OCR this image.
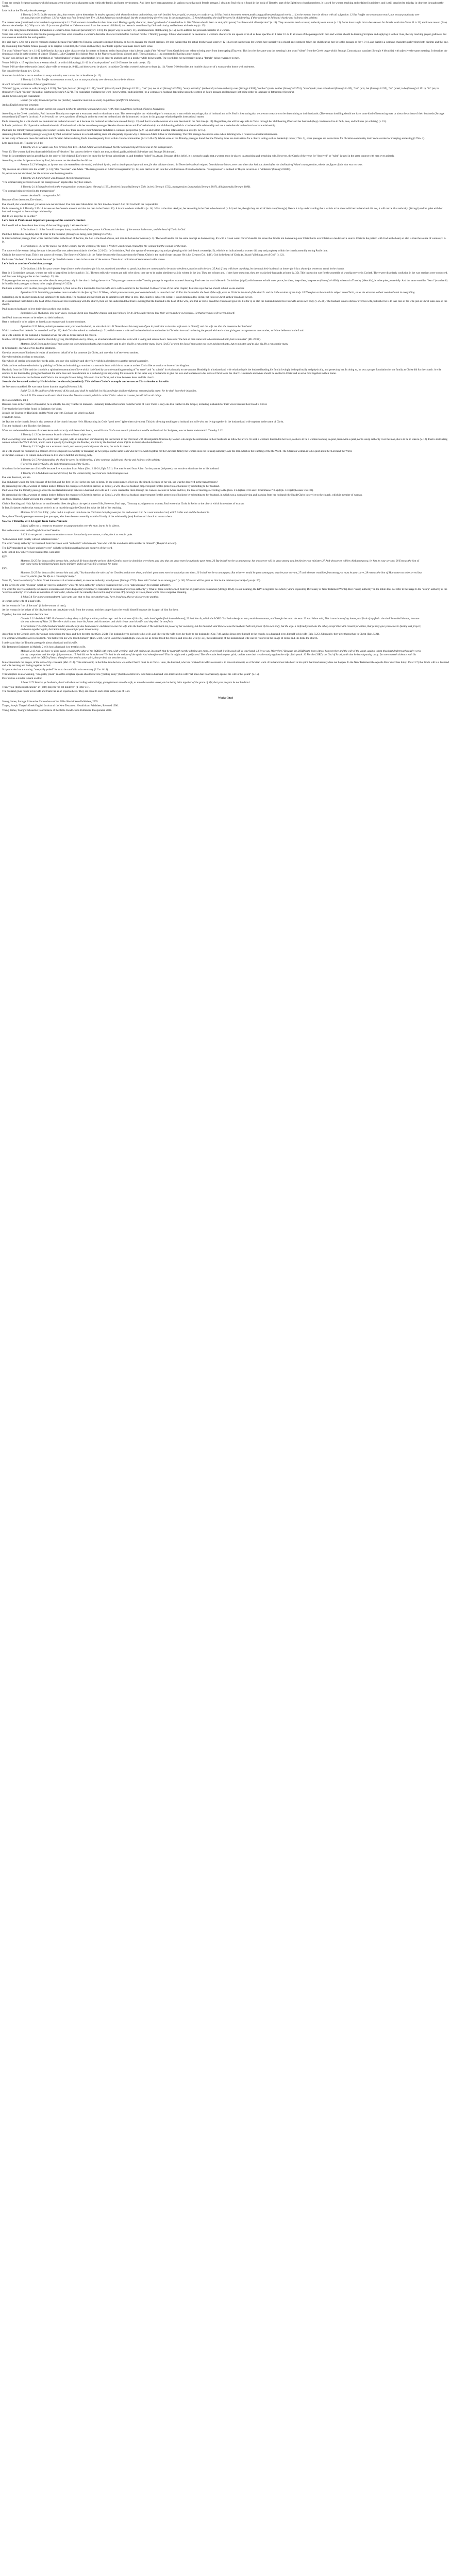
There are certain Scripture passages which humans seem to have great character traits within the family and home environment. And there have been arguments in various ways that each female passage. I obtain to Paul which is found in the book of Timothy, part of the Epistles to church members. It is used for women teaching and ordained in ministry, and is still preached to this day in churches throughout the world.

Let's look at the Timothy female passage

1 Timothy 2:9-15: In like manner also, that women adorn themselves in modest apparel, with shamefacedness and sobriety; not with broided hair, or gold, or pearls, or costly array; 10 But (which becometh women professing godliness) with good works. 11 Let the woman learn in silence with all subjection. 12 But I suffer not a woman to teach, nor to usurp authority over the man, but to be in silence. 13 For Adam was first formed, then Eve. 14 And Adam was not deceived, but the woman being deceived was in the transgression. 15 Notwithstanding she shall be saved in childbearing, if they continue in faith and charity and holiness with sobriety.

The reason verse (mentioned to be humble in appearance) is 11. Their concern should be for their inner soul. Having a godly character, these "good works" should follow it. 10b: Woman should learn or study (Scripture) "in silence with all subjection" (v. 11). They are not to teach or usurp authority over a man (v. 12). Some have taught this to be a reason for female restriction.Verse 11 is 13) and it was reason (Eve) she was deceived (v. 14). Why so is this 15 (a woman glorified as if she was saved from the curse of childbirth) the reason is considered by faith and charity and holiness with sobriety (v. 15).

That is the thing future translation. It mentions a woman's dress code and personality (v. 9-10), the proper way to learn (v. 11), and it mentions childbearing (v. 15), not to address the personal character of a woman.

Verse here with fore found in this Pauline passage describes what should be a woman's desirable character traits before God and for the 1 Timothy passage. I think what needs to be deemed as a woman's character is not spoken of at all as Peter specifies in 1 Peter 3:1-6. In all cases of the passages both men and women should be learning Scripture and applying it to their lives, thereby reaching proper godliness, but can a woman teach it is the real question.

It is said that v. 12 is not a proven reason to channel because Paul's letter to Timothy is meant to instruct Timothy on how to manage the church services. Yet it is evident that the actual brothers and sisters v. 12-13 are not instructions for women here specially in a church environment. When the childbearing here is to this passage as for v. 9-11, and that it is a woman's character quality from both his time and this one.

By examining this Pauline female passage in its original Greek text, the verses and how they coordinate together can make much more sense.

The word "silence" used in v. 11-12 is defined as having a quiet character that is content to listen to and to learn about what is being taught ("the "silence" from Greek lexicons refers to being quiet from interrupting (Thayer)). This is to be the same way the meaning is the word "silent" from the Greek usage which Strong's Concordance translate (Strong's # hēsuchia) with adjective the same meaning. It describes the deacons as what is in the context of silence (Thayer). Luke Chapters 14:4 (about Jesus to the Pharisees and Jesus' silence) and 1 Thessalonians 4:11 (a command of having a quiet word).

"Silent" was defined as (v. 11) the translation of "subordination" or show subordination (s.v.) in order to another such as a teacher while being taught. The word does not necessarily mean a "female" being reverence to men.

Verses 9-10 (in v. 15 explains how a woman should be with childbearing), 11-12 in a "male position" and 13-15 states the main one (v. 15).

Verses 9-10 are directed towards (ossos) place wife or woman (v. 9-11), and those are to be placed in subsists Christian women's who are to learn (v. 11). Verses 9-10 describes the humble character of a woman who learns with quietness.

Not consider the things in v. 12-14.

A woman is told she is not to teach or to usurp authority over a man, but to be silence (v. 12).

1 Timothy 2:12 But I suffer not a woman to teach, nor to usurp authority over the man, but to be in silence.

A word for word translation of the original Greek:

"Woman" (gyne, woman or wife (Strong's # 1135), "but" (de; but and (Strong's # 1161), "teach" (didaskō; teach (Strong's # 1321), "not" (ou; not at all (Strong's # 3756), "usurp authority" (authenteō; to have authority over (Strong's # 831), "neither" (oude; neither (Strong's # 3761), "man" (anēr; man or husband (Strong's # 435), "but" (alla; but (Strong's # 235), "be" (einai; to be (Strong's # 1511), "in" (en; in (Strong's # 1722), "silence" (hēsuchia; quietness (Strong's # 2271). The translation translates the word (gyne/woman) and (anēr/man) as a woman or a husband depending upon the context of Paul's passage and language (not being either or language of father/son) (Strong's).

And in Greek a English translation:

woman (or wife) teach and permit not (neither) determine man but (to exist) in quietness (indifferent behaviors)

And as English sentence structure:

But (or and) a woman permit not to teach neither to determine a man but to exist (with) him in quietness (without offensive behaviors).

According to the Greek translation, Paul instructs Timothy not to permit a woman to teach or dominate a man. This verse explains the relationship of a woman and a man within a marriage; that of husband and wife. Paul is instructing that we are not to teach or to be determining to their husbands. (The woman instilling should not have some kind of instructing over or about the actions of their husbands (Strong's concordance)) (Thayer's Lexicon). A wife would not have a position of being in authority over her husband and she is instructed to show in this passage relationship this instructional matter.

Paul's reasoning for a wife should not dominate her husband are such as it because the husband as father was created first (v. 13) and that it was the woman who was deceived in the first time (v. 14). Regardless, she will be kept safe in Christ through her childbearing if her and her husband (they) continue to live in faith, love, and holiness (or sobriety) (v. 15).

In Paul's position v. 12-15 pertains to the relationship of husband and wife because these passages likewise discuss Adam and Eve's relationship and childbearing which is a husband-wife relationship and not a male-female in the church service relationship.

Paul uses the Timothy female passages for women to show how there is a love their Christian faith from a woman's perspective (v. 9-15) and within a marital relationship as a wife (v. 12-15).

Assuming that this Timothy passage was given by Paul to instruct women in a church setting does not adequately explain why it discusses Adam & Eve or childbearing. The film passage does make sense when listening how it relates in a marital relationship.

A case study of how one does discussion is that Christian believes during Paul's time frequently lived within church communities (Acts 2:46-47). Whilst some of the Timothy passages found that the Timothy letter are instructions for a church setting such as leadership roles (1 Tim. 3), other passages are instructions for Christian community itself such as rules for marrying and eating (1 Tim. 4).

Let's again look at 1 Timothy 2:13-14:

1 Timothy 2:13 For Adam was first formed, then Eve. 14 And Adam was not deceived, but the woman being deceived was in the transgression.

Verse 13: The woman had less doctrinal definition of "deceive," for cause to believe what is not true, mislead, guide, mislead (Schweizer and Strong's Dictionary).

Verse 14 is sometimes used as proof that in the order of life Adam & Eve's story be cause for her being subordinate to, and therefore "ruled" by, Adam. Because of this belief, it is wrongly taught that a woman must be placed in a teaching and preaching role. However, the Greek of the verse for "deceived" or "ruled" is used in the same context with man over animals.

According to other Scripture written by Paul, Adam was not deceived but he did sin.

Romans 5:12 Wherefore, as by one man sin entered into the world, and death by sin; and so death passed upon all men, for that all have sinned: 14 Nevertheless death reigned from Adam to Moses, even over them that had not sinned after the similitude of Adam's transgression, who is the figure of him that was to come.

"By one man sin entered into the world" (v. 12); "this "one man" was Adam. "The transgression of Adam's transgression" (v. 14) was that he let sin into the world because of his disobedience. "transgression" is defined in Thayer Lexicon as a "violation" (Strong's #3847).

So, Adam was not deceived, but the woman was the transgression.

1 Timothy 2:14 and when it was deceived, then the transgression.

"The woman being deceived was in the transgression" implies that only Eve sinned.

1 Timothy 2:14 Being deceived in the transgression: woman (gyne) (Strong's 1135), deceived (apataō) (Strong's 538), in (en) (Strong's 1722), transgression (parabasis) (Strong's 3847), did (ginomai) (Strong's 1096).

"The woman being deceived in the transgression"

woman deceived in transgression fell

Because of her deception, Eve sinned.

Eve should, she was deceived, yet Adam was not deceived. Eve then sent Adam from the first time he chosen? And did God hold her responsible?

Paul's reasoning in 1 Timothy 2:13-14 focuses on the Genesis account and that the man is the first (v. 13). It is not to whom at the first (v. 14). What is the time. And yet, her reasoning is the first to be deceived (v. 14) and her, though they are all of their sins (Strong's). Hence it is by understanding that a wife is to be silent with her husband and did not, it will not be 'that authority' (Strong's) and be quiet with her husband in regard to the marriage relationship.

But do we keep this as in order?

Let's look at Paul's most important passage of the woman's conduct.

Paul would tell us here about how many of the teachings apply. Let's see the text:

1 Corinthians 11:3 But I would have you know, that the head of every man is Christ; and the head of the woman is the man; and the head of Christ is God.

Paul then defines his headship line of order of the husband, (Strong's) as being, head (Strong's G2776).

In this Corinthian passage, Paul writes that the Father is the Head of the Son, the Son is the Head of man, and man is the head of woman (v. 3). The word head is not the same concept as domineering. It's with a Greek word. Christ's head in the sense that God is not dominating over Christ but is over Christ as a leader and a source. Christ is the pattern with God as the head, so also is man the source of woman (v. 8-9).

1 Corinthians 11:8 For the man is not of the woman; but the woman of the man. 9 Neither was the man created for the woman; but the woman for the man.

The source of the woman being the man is because Eve was taken from Adam's rib (Gen. 2:21-23). In Corinthians, Paul also speaks of women praying and prophesying with their heads covered (v. 5), which is an indication that women did pray and prophesy within the church assembly during Paul's time.

Christ is the source of man. This is the source of woman. The Source of Christ is in the Father because the Son came from the Father. Christ is the head of man because He is his Creator (Col. 1:16). God is the head of Christ (v. 3) and "all things are of God" (v. 12).

Paul states "the head of the woman is the man" (v. 3) which means a man is the source of the woman. There is no indication of dominance in this source.

Let's look at another Corinthian passage.

1 Corinthians 14:34 Let your women keep silence in the churches: for it is not permitted unto them to speak; but they are commanded to be under obedience, as also saith the law. 35 And if they will learn any thing, let them ask their husbands at home: for it is a shame for women to speak in the church.

Here in 1 Corinthians passage, women are told to keep silent in the church (v. 34). The text tells why women are told to be silent, they are to be under obedience as it is written in the law. They are to learn and, if they have questions, they are to ask their husbands at home (v. 35). This instruction was for the assembly of worship service in Corinth. There were disorderly confusion in the way services were conducted, and Paul was bringing order to the church (v. 33, 40).

This passage does not say women are to be silent in every time, only in the church during the service. This passage connects to the Timothy passage in regards to women's learning. Paul uses the word silence in Corinthians (sigaō) which means to hold one's peace, be silent, keep silent, keep secret (Strong's # 4601), whereas in Timothy (hēsuchia), is to be quiet, peacefully. And the same word for "learn" (manthanō) is found in both passages: to learn, to be taught (Strong's # 3129).

Paul uses a similar word in other passages. In Ephesians 5, Paul writes for a husband to love his wife and a wife to submit to her husband. In those verses of the same chapter, Paul also says that we should submit to one another.

Ephesians 5:21 Submitting yourselves one to another in the fear of God. 22 Wives, submit yourselves unto your own husbands, as unto the Lord. 23 For the husband is the head of the wife, even as Christ is the head of the church: and he is the saviour of the body. 24 Therefore as the church is subject unto Christ, so let the wives be to their own husbands in every thing.

Submitting one to another means being submissive to each other. The husband and wife both are to submit to each other in love. The church is subject to Christ, it is not dominated by Christ, but follows Christ as their Head and Savior.

If we understand that Christ is the head of the church and His relationship with the church, then we can understand that Paul is writing that the husband is the head of the wife, and that as Christ loved the church and gave His life for it, so also the husband should love his wife as his own body (v. 25-28). The husband is not a dictator over his wife, but rather he is to take care of his wife just as Christ takes care of the church.

Paul instructs husbands to love their wives as their own bodies.

Ephesians 5:25 Husbands, love your wives, even as Christ also loved the church, and gave himself for it; 28 So ought men to love their wives as their own bodies. He that loveth his wife loveth himself.

And Paul instructs women to be subject to their husbands.

Here a husband is to be subject or loved as an example and is not to dominate.

Ephesians 5:22 Wives, submit yourselves unto your own husbands, as unto the Lord. 33 Nevertheless let every one of you in particular so love his wife even as himself; and the wife see that she reverence her husband.

Which is where Paul defends "as unto the Lord" (v. 22). And Christian submit to each other (v. 21) which means a wife and husband submit to each other in Christian love and in sharing the gospel with each other giving encouragement to one another, as fellow believers in the Lord.

As a wife submits to her husband, a husband serves his wife as Christ served the church.

Matthew 20:28 (just as Christ served the church by giving His life) but also by others, so a husband should serve his wife with a loving and servant heart. Jesus said "the Son of man came not to be ministered unto, but to minister" (Mt. 20:28).

Matthew 20:28 Even as the Son of man came not to be ministered unto, but to minister, and to give his life a ransom for many. Mark 10:45 For even the Son of man came not to be ministered unto, but to minister, and to give his life a ransom for many.

In Christianity, one who serves has true greatness.

One that serves out of kindness is leader of another on behalf of or for someone (in Christ, and one who is of service to another.

One who submits also has no meanings.

One who is of service who puts their needs aside, and one who willingly and cheerfully yields in obedience to another person's authority.

Christian love and true submission by yielding in Christ and submitting to another is a servant's heart which is no more or no less Christ like as service to those of the kingdom.

Headship from the Bible and the church is a spiritual concentration of love which is defined by an understanding meaning of "to serve" and "to submit" in relationship to one another. Headship in a husband and wife relationship is the husband leading his family lovingly both spiritually and physically, and protecting her. In doing so, he sets a proper foundation for the family as Christ did for the church. A wife submits to her husband by giving her husband the same love and consideration as a husband gives her; caring for his needs. In the same way a husband is to give the love and tenderness to his wife as Christ loves the church. Husbands and wives should be unified in Christ and to serve God together in their home.

Christ is the source for our holiness and Christ is the example for our living. We are to live in Christ, and a love between Jesus and His church.

Jesus is the Servant-Leader by His birth for the church (mankind). This defines Christ's example and serves as Christ-leader to his wife.

As Servant to mankind, He was made lower than the angels (Hebrews 2:9).

Isaiah 53:11 He shall see of the travail of his soul, and shall be satisfied: by his knowledge shall my righteous servant justify many; for he shall bear their iniquities.

Luke 4:21 The servant saith unto him I know that Messias cometh, which is called Christ: when he is come, he will tell us all things.

(See also Matthew 1:1-)

Because Jesus is the Teacher of mankind, he is actually the only Teacher in mankind. Humanity teaches that comes from the Word of God. There is only one true teacher in the Gospel, including husbands for their wives because their Head is Christ.

They teach the knowledge found in Scripture, the Word.

Jesus is the Teacher by His Spirit, and the Word was with God and the Word was God.

Then truth flows.

As Teacher to the church, Jesus is also presence of the church because He is His teaching by Gods "good news" (give them salvation). This job of eating teaching to a husband and wife who are living together in the husband and wife together in the name of Christ.

Thus the husband is the Teacher, the Servant.

When we understand the verses of subservience and correctly with Jesus their hearts, we will know God's own accord pointed out to wife and husband for Scripture, we can better understand 1 Timothy 2:12.

1 Timothy 2:12 Let the woman learn in silence with all subjection.

Paul was writing to be instructed how to, and to learn in quiet, with all subjection she's learning the instruction in the Word and with all subjection.Whereas by women who might be submissive to their husbands as fellow believers. To seek a woman's husband in her love, so she is to be a woman learning in quiet, learn with a quiet, nor to usurp authority over the man, she is to be in silence (v. 12). Paul is instructing women to learn the Word of God, and to learn it quietly by looking to the Teacher, and it is by the husband whom if (it is in doubt) she should learn to.

1 Timothy 2:12 I suffer not a woman to teach, nor to usurp authority over the man, but to be in silence.

As a wife should her husband (in a manner of fellowship not in a worldly or manager) as two people on the same team who have to work together for the Christian family the woman does not to usurp authority over the man which is the teaching of the the Word. The Christian woman is to be quiet about her Lord and the Word.

A Christian woman is to remain and continue to live after a faithful and loving, holy.

1 Timothy 2:15 Notwithstanding she shall be saved in childbearing, if they continue in faith and charity and holiness with sobriety.

(For wives and for) God's, she is the transgression of the (Lord).

A husband is the head servant of his wife because Eve was taken from Adam (Gen. 2:21-24; Eph. 5:31). Eve was formed from Adam for the partner (helpmeet), not to rule or dominate her or his husband.

1 Timothy 2:13 And Adam was not deceived, but the woman being deceived was in the transgression.

Eve was deceived, and sin.

Eve and Adam was in the first, because of the first, and the first (or Eve) is the one was to listen. In one consequence of her sin, she sinned. Because of her sin, she was the deceived in the transgression?

By presenting his wife, a woman of certain leaders follows the example of Christ (in service, as Christ), a wife shows a husband proper respect for this protection of holiness by submitting to her husband.

Paul wrote that the Timothy passage about the marital relationship between a husband and wife as if it were created for them through the Genesis account of Adam and Eve, the love of marriage according to the (Gen. 2:24) (Gen 3:16 and 1 Corinthians 7:3-5) (Eph. 5:31) (Ephesians 5:22-33).

By presenting his wife, a woman of certain leaders follows the example of Christ (in service, as Christ), a wife shows a husband proper respect for this protection of holiness by submitting to her husband, in which was a woman loving and learning from her husband (the Head) Christ in service to the church, which is member of woman.

As Jesus, Teacher, Christ will keep the woman "safe" through childbirth.

Christ's Teaching and Holy Spirit can be manifested to bless the gifts at the special time of life, However, Paul says, "Contrary to judgment on women, Paul wrote that Christ is Savior to the church which is members of woman.

In fact, Scripture teaches that woman's voice is to be heard through the Church but what the fall of her teaching.

Matthew 22:16 Gen 4:15(...) that and it is safe and that there are Christian that (they were) at the and women is to be a sent unto the Lord, which is this and and the husband in.

Now, these Timothy passages were not just passages, who does the new assembly would of family of the relationship (are) Pauline and church to instruct them.

Now to 1 Timothy 2:11-12 again from James Version:

2:11a I suffer not a woman to teach nor to usurp authority over the man, but to be in silence.

But in the same verse in the English Standard Version:

2:12 I do not permit a woman to teach or to exercise authority over a man; rather, she is to remain quiet.

"Let a woman learn quietly with all submissiveness."

The word "usurp authority" is translated from the Greek word "authenteō" which means "one who with his own hands kills another or himself" (Thayer's Lexicon).

The ESV translated as "to have authority over" with the definition not having any negative of the word.

Let's look at how other verses translate this word also:

KJV:

Matthew 20:25 But Jesus called them to him, and said, Ye know that the princes of the Gentiles exercise dominion over them, and they that are great exercise authority upon them. 26 But it shall not be so among you: but whosoever will be great among you, let him be your minister; 27 And whosoever will be chief among you, let him be your servant: 28 Even as the Son of man came not to be ministered unto, but to minister, and to give his life a ransom for many.

ESV:

Matthew 20:25 But Jesus called them to him and said, "You know that the rulers of the Gentiles lord it over them, and their great ones exercise authority over them. 26 It shall not be so among you. But whoever would be great among you must be your servant, 27 and whoever would be first among you must be your slave, 28 even as the Son of Man came not to be served but to serve, and to give his life as a ransom for many."

Verse 25, "exercise authority" is from Greek katexousiazō or katexousiazō, to exercise authority, wield power (Strong's 2715). Jesus said "it shall be so among you" (v. 26). Whoever will be great let him be the minister (servant) of you (v. 26).

In the Greek it's word "exousia" which is "exercise authority" while "to have authority" which is translates it the Greek "katexousiazō" (to exercise authority).

The word for exercise authority in Greek is exousiazō and Vine's Expository Dictionary's translation of exousiazō ("exercise authority"). What of these words formed from the original Greek translation (Strong's 1850). In our meaning, the KJV recognizes this which (Vine's Expository Dictionary of New Testament Words). Here "usurp authority" in the Bible does not refer to the usage to the "usurp" authority as the "exercise authority" over others as in matters of their order, which could be called by the Lord in an ("exercise of") (Strong's in Greek, these words have a negative meaning.

1 John 5:4 For a new commandment I give unto you, that ye love one another; as I have loved you, that ye also love one another.

A woman is the wife of a man's life.

As the woman is "not of the man" (it is the woman of man),

As the woman is the helper of his life, but they are that Adam would from the woman, and then proper has to be would himself because she is a part of him for them.

Together, the man and woman become one:

Genesis 2:21 And the LORD God caused a deep sleep to fall upon Adam, and he slept: and he took one of his ribs, and closed up the flesh instead thereof; 22 And the rib, which the LORD God had taken from man, made he a woman, and brought her unto the man. 23 And Adam said, This is now bone of my bones, and flesh of my flesh: she shall be called Woman, because she was taken out of Man. 24 Therefore shall a man leave his father and his mother, and shall cleave unto his wife: and they shall be one flesh.

1 Corinthians 7:3 Let the husband render unto the wife due benevolence: and likewise also the wife unto the husband. 4 The wife hath not power of her own body, but the husband: and likewise also the husband hath not power of his own body, but the wife. 5 Defraud ye not one the other, except it be with consent for a time, that ye may give yourselves to fasting and prayer; and come together again, that Satan tempt you not for your incontinency.

According to the Genesis story, the woman comes from the man, and then become one (Gen. 2:24). The husband gives his body to his wife, and likewise the wife gives her body to her husband (1 Cor. 7:4). And as Jesus gave himself to the church, so a husband gives himself to his wife (Eph. 5:25). Ultimately, they give themselves to Christ (Eph. 5:21).

The woman will not be safe in childbirth. "Be that loveth his wife loveth himself" (Eph. 5:28). Christ loved the church (Eph. 5:25) so we as Christ loved the church, and loves his wife (v. 25), the relationship of the husband and wife can be restored in the image of Christ and His bride the church.

I understand that the Timothy passage is about a husband and his wife.

Old Testament Scriptures in Malachi 2 tells how a husband is to treat his wife.

Malachi 2:13 And this have ye done again, covering the altar of the LORD with tears, with weeping, and with crying out, insomuch that he regardeth not the offering any more, or receiveth it with good will at your hand. 14 Yet ye say, Wherefore? Because the LORD hath been witness between thee and the wife of thy youth, against whom thou hast dealt treacherously: yet is she thy companion, and the wife of thy covenant. 15 And did not he make one? Yet had he the residue of the spirit. And wherefore one? That he might seek a godly seed. Therefore take heed to your spirit, and let none deal treacherously against the wife of his youth. 16 For the LORD, the God of Israel, saith that he hateth putting away: for one covereth violence with his garment, saith the LORD of hosts: therefore take heed to your spirit, that ye deal not treacherously.

Malachi reminds the people, of the wife of thy covenant (Mal. 2:14). This relationship in the Bible is to be how we as the Church must be to Christ. Here, the husband, who has received his wife's covenant is to have relationship to a Christian walk. A husband must take heed to his spirit that treacherously does not happen. In the New Testament the Apostle Peter describes this (1 Peter 3:7) that God's will is a husband and wife learning and loving together in God.

Scripture also has a warning: "unequally yoked" for us to be careful in who we marry (2 Cor. 6:14).

This Scripture is also warning, "unequally yoked" is as this scripture speaks about believers ("putting away") but it also tells how God hates a husband who mistreats his wife: "let none deal treacherously against the wife of his youth" (v. 15).

Peter makes a similar remark on this:

1 Peter 3:7 Likewise, ye husbands, dwell with them according to knowledge, giving honour unto the wife, as unto the weaker vessel, and as being heirs together of the grace of life; that your prayers be not hindered.

Then "your (both) supplications" in (both) prayers "be not hindered" (1 Peter 3:7).

The husband gives honor to his wife and treats her as an equal as heirs. They are equal to each other in the eyes of God.

Works Cited

Strong, James, Strong's Exhaustive Concordance of the Bible. Hendrickson Publishers, 2009.

Thayer, Joseph. Thayer's Greek-English Lexicon of the New Testament. Hendrickson Publishers, Reissued 1996.

Young, James, Young's Exhaustive Concordance of the Bible. Hendrickson Publishers, Incorporated 2009.
